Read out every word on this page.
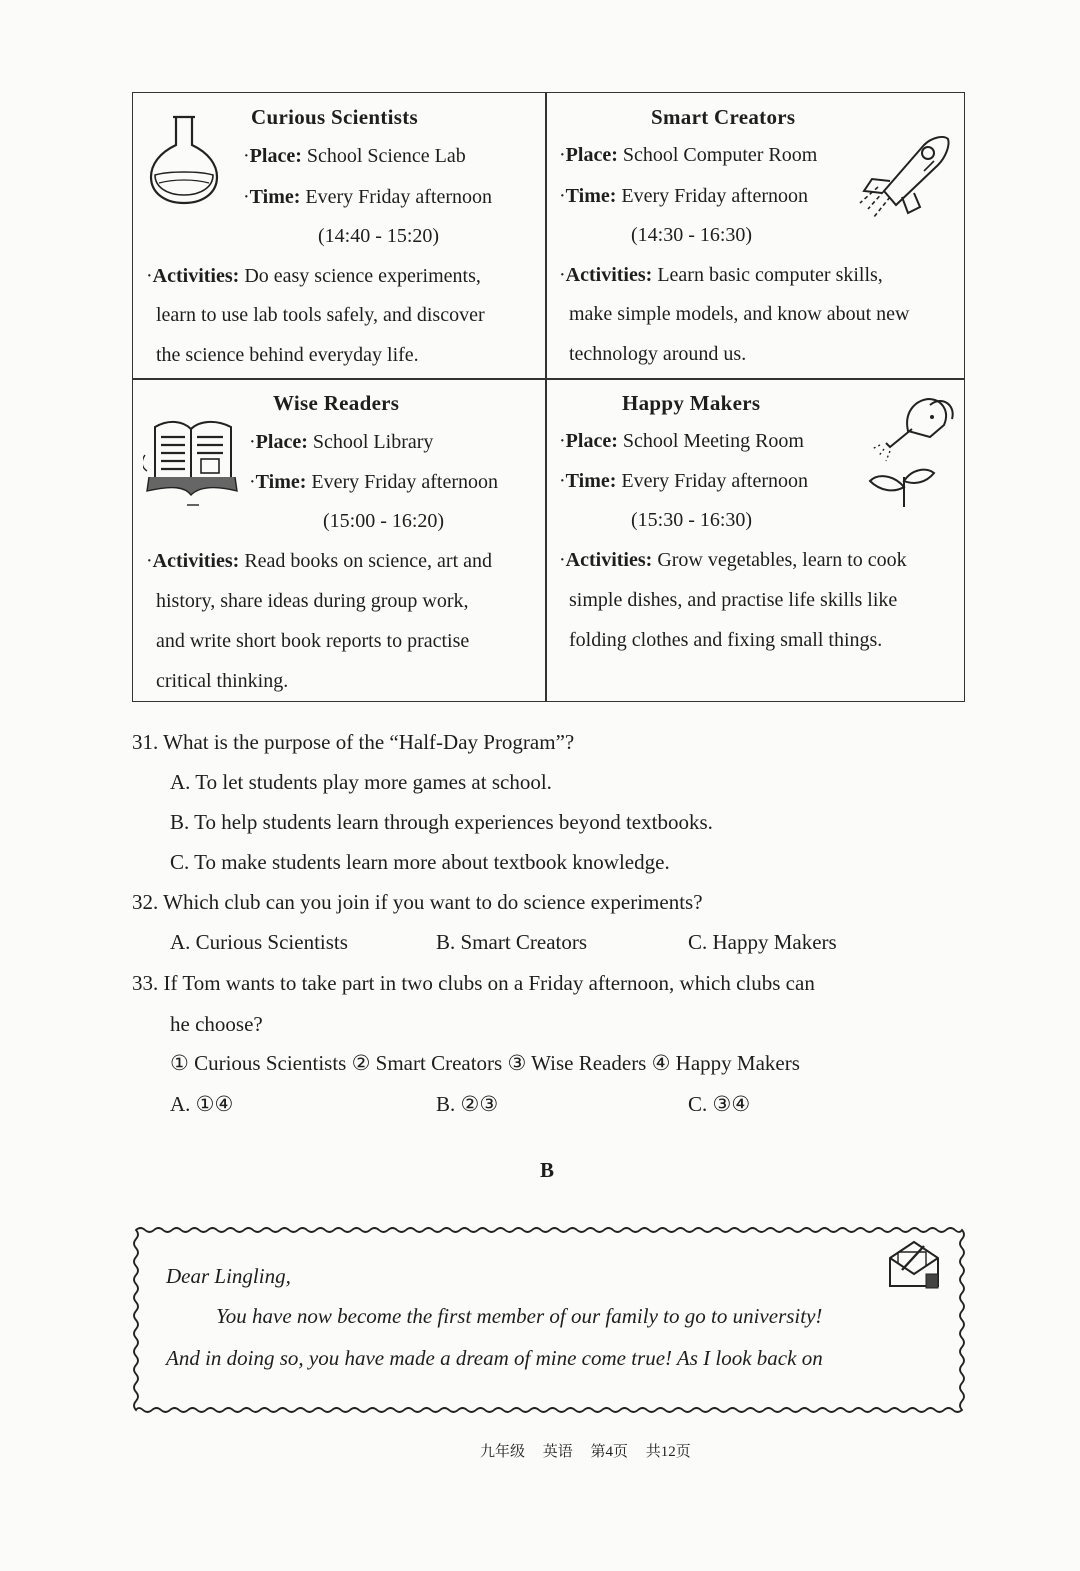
Curious Scientists
·Place: School Science Lab
·Time: Every Friday afternoon
(14:40 - 15:20)
·Activities: Do easy science experiments,
learn to use lab tools safely, and discover
the science behind everyday life.
Smart Creators
·Place: School Computer Room
·Time: Every Friday afternoon
(14:30 - 16:30)
·Activities: Learn basic computer skills,
make simple models, and know about new
technology around us.
Wise Readers
·Place: School Library
·Time: Every Friday afternoon
(15:00 - 16:20)
·Activities: Read books on science, art and
history, share ideas during group work,
and write short book reports to practise
critical thinking.
Happy Makers
·Place: School Meeting Room
·Time: Every Friday afternoon
(15:30 - 16:30)
·Activities: Grow vegetables, learn to cook
simple dishes, and practise life skills like
folding clothes and fixing small things.
31. What is the purpose of the “Half-Day Program”?
A. To let students play more games at school.
B. To help students learn through experiences beyond textbooks.
C. To make students learn more about textbook knowledge.
32. Which club can you join if you want to do science experiments?
A. Curious Scientists	B. Smart Creators	C. Happy Makers
33. If Tom wants to take part in two clubs on a Friday afternoon, which clubs can
he choose?
① Curious Scientists ② Smart Creators ③ Wise Readers ④ Happy Makers
A. ①④	B. ②③	C. ③④
B
Dear Lingling,
You have now become the first member of our family to go to university!
And in doing so, you have made a dream of mine come true! As I look back on
九年级 英语 第4页 共12页
